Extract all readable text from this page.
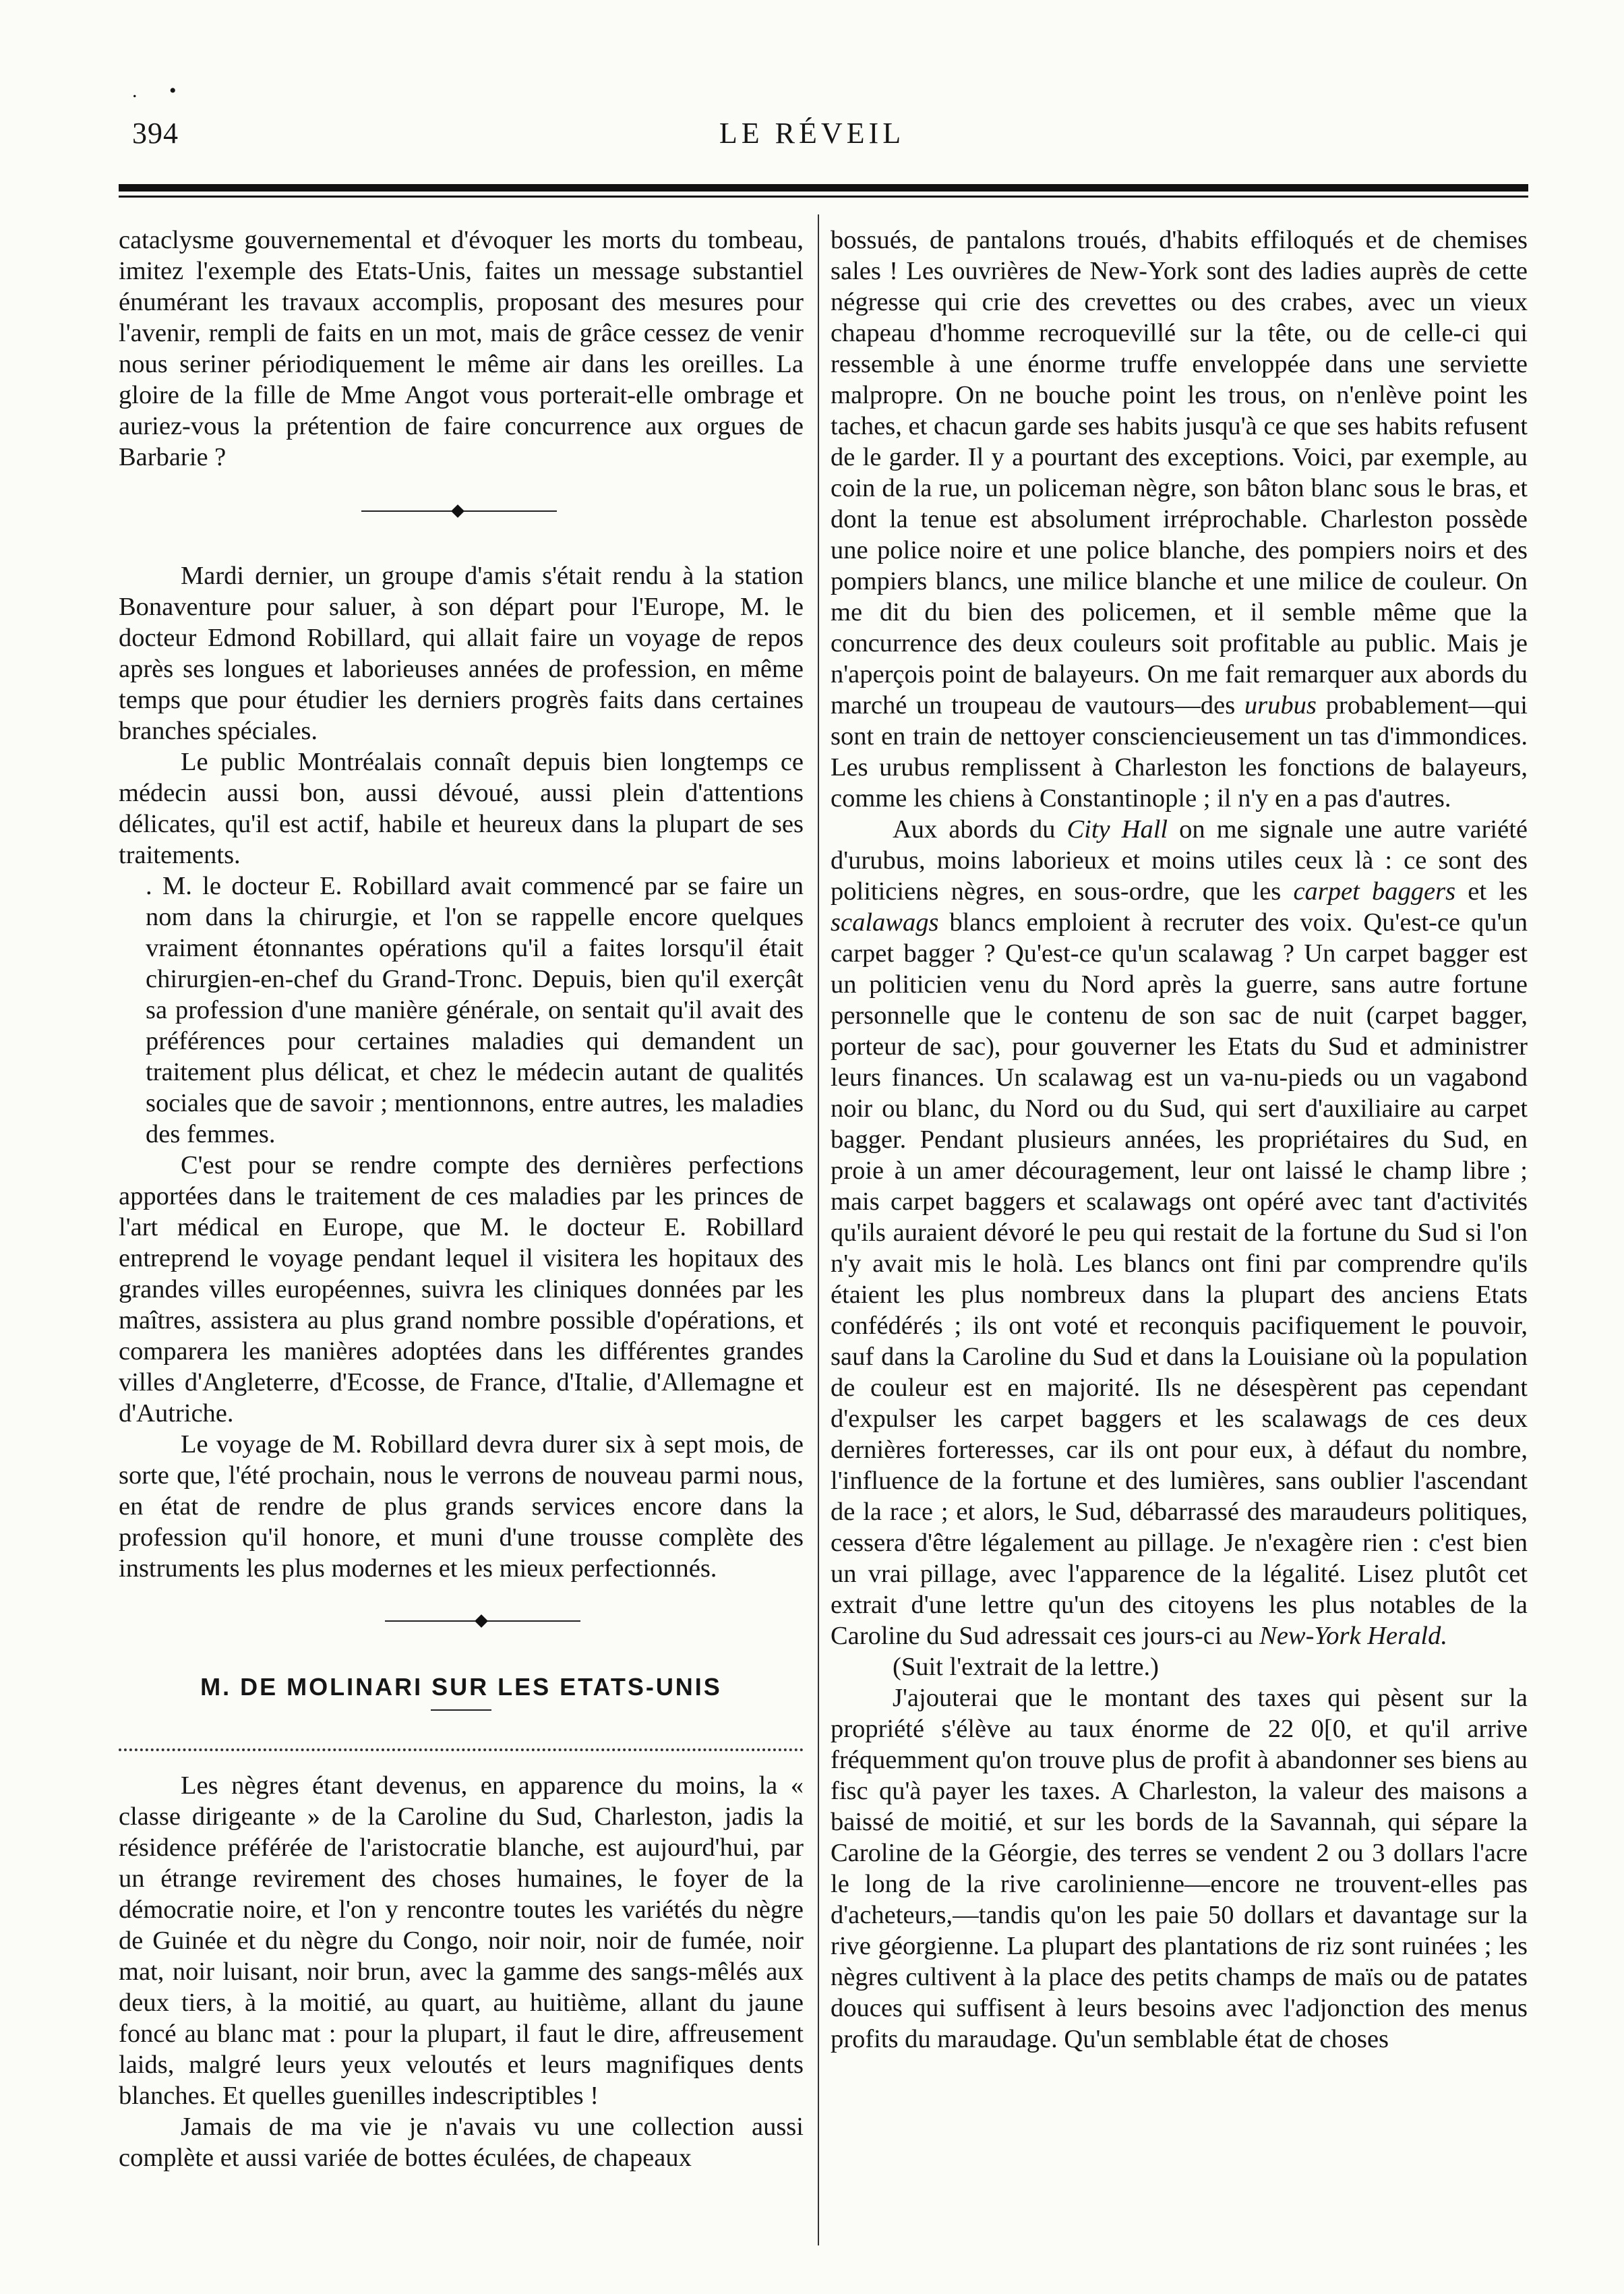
. •
394	LE RÉVEIL

cataclysme gouvernemental et d'évoquer les morts du tombeau, imitez l'exemple des Etats-Unis, faites un message substantiel énumérant les travaux accomplis, proposant des mesures pour l'avenir, rempli de faits en un mot, mais de grâce cessez de venir nous seriner périodiquement le même air dans les oreilles. La gloire de la fille de Mme Angot vous porterait-elle ombrage et auriez-vous la prétention de faire concurrence aux orgues de Barbarie ?

Mardi dernier, un groupe d'amis s'était rendu à la station Bonaventure pour saluer, à son départ pour l'Europe, M. le docteur Edmond Robillard, qui allait faire un voyage de repos après ses longues et laborieuses années de profession, en même temps que pour étudier les derniers progrès faits dans certaines branches spéciales.

Le public Montréalais connaît depuis bien longtemps ce médecin aussi bon, aussi dévoué, aussi plein d'attentions délicates, qu'il est actif, habile et heureux dans la plupart de ses traitements.

. M. le docteur E. Robillard avait commencé par se faire un nom dans la chirurgie, et l'on se rappelle encore quelques vraiment étonnantes opérations qu'il a faites lorsqu'il était chirurgien-en-chef du Grand-Tronc. Depuis, bien qu'il exerçât sa profession d'une manière générale, on sentait qu'il avait des préférences pour certaines maladies qui demandent un traitement plus délicat, et chez le médecin autant de qualités sociales que de savoir ; mentionnons, entre autres, les maladies des femmes.

C'est pour se rendre compte des dernières perfections apportées dans le traitement de ces maladies par les princes de l'art médical en Europe, que M. le docteur E. Robillard entreprend le voyage pendant lequel il visitera les hopitaux des grandes villes européennes, suivra les cliniques données par les maîtres, assistera au plus grand nombre possible d'opérations, et comparera les manières adoptées dans les différentes grandes villes d'Angleterre, d'Ecosse, de France, d'Italie, d'Allemagne et d'Autriche.

Le voyage de M. Robillard devra durer six à sept mois, de sorte que, l'été prochain, nous le verrons de nouveau parmi nous, en état de rendre de plus grands services encore dans la profession qu'il honore, et muni d'une trousse complète des instruments les plus modernes et les mieux perfectionnés.

M. DE MOLINARI SUR LES ETATS-UNIS

Les nègres étant devenus, en apparence du moins, la « classe dirigeante » de la Caroline du Sud, Charleston, jadis la résidence préférée de l'aristocratie blanche, est aujourd'hui, par un étrange revirement des choses humaines, le foyer de la démocratie noire, et l'on y rencontre toutes les variétés du nègre de Guinée et du nègre du Congo, noir noir, noir de fumée, noir mat, noir luisant, noir brun, avec la gamme des sangs-mêlés aux deux tiers, à la moitié, au quart, au huitième, allant du jaune foncé au blanc mat : pour la plupart, il faut le dire, affreusement laids, malgré leurs yeux veloutés et leurs magnifiques dents blanches. Et quelles guenilles indescriptibles !

Jamais de ma vie je n'avais vu une collection aussi complète et aussi variée de bottes éculées, de chapeaux

bossués, de pantalons troués, d'habits effiloqués et de chemises sales ! Les ouvrières de New-York sont des ladies auprès de cette négresse qui crie des crevettes ou des crabes, avec un vieux chapeau d'homme recroquevillé sur la tête, ou de celle-ci qui ressemble à une énorme truffe enveloppée dans une serviette malpropre. On ne bouche point les trous, on n'enlève point les taches, et chacun garde ses habits jusqu'à ce que ses habits refusent de le garder. Il y a pourtant des exceptions. Voici, par exemple, au coin de la rue, un policeman nègre, son bâton blanc sous le bras, et dont la tenue est absolument irréprochable. Charleston possède une police noire et une police blanche, des pompiers noirs et des pompiers blancs, une milice blanche et une milice de couleur. On me dit du bien des policemen, et il semble même que la concurrence des deux couleurs soit profitable au public. Mais je n'aperçois point de balayeurs. On me fait remarquer aux abords du marché un troupeau de vautours—des urubus probablement—qui sont en train de nettoyer consciencieusement un tas d'immondices. Les urubus remplissent à Charleston les fonctions de balayeurs, comme les chiens à Constantinople ; il n'y en a pas d'autres.

Aux abords du City Hall on me signale une autre variété d'urubus, moins laborieux et moins utiles ceux là : ce sont des politiciens nègres, en sous-ordre, que les carpet baggers et les scalawags blancs emploient à recruter des voix. Qu'est-ce qu'un carpet bagger ? Qu'est-ce qu'un scalawag ? Un carpet bagger est un politicien venu du Nord après la guerre, sans autre fortune personnelle que le contenu de son sac de nuit (carpet bagger, porteur de sac), pour gouverner les Etats du Sud et administrer leurs finances. Un scalawag est un va-nu-pieds ou un vagabond noir ou blanc, du Nord ou du Sud, qui sert d'auxiliaire au carpet bagger. Pendant plusieurs années, les propriétaires du Sud, en proie à un amer découragement, leur ont laissé le champ libre ; mais carpet baggers et scalawags ont opéré avec tant d'activités qu'ils auraient dévoré le peu qui restait de la fortune du Sud si l'on n'y avait mis le holà. Les blancs ont fini par comprendre qu'ils étaient les plus nombreux dans la plupart des anciens Etats confédérés ; ils ont voté et reconquis pacifiquement le pouvoir, sauf dans la Caroline du Sud et dans la Louisiane où la population de couleur est en majorité. Ils ne désespèrent pas cependant d'expulser les carpet baggers et les scalawags de ces deux dernières forteresses, car ils ont pour eux, à défaut du nombre, l'influence de la fortune et des lumières, sans oublier l'ascendant de la race ; et alors, le Sud, débarrassé des maraudeurs politiques, cessera d'être légalement au pillage. Je n'exagère rien : c'est bien un vrai pillage, avec l'apparence de la légalité. Lisez plutôt cet extrait d'une lettre qu'un des citoyens les plus notables de la Caroline du Sud adressait ces jours-ci au New-York Herald.

(Suit l'extrait de la lettre.)

J'ajouterai que le montant des taxes qui pèsent sur la propriété s'élève au taux énorme de 22 0[0, et qu'il arrive fréquemment qu'on trouve plus de profit à abandonner ses biens au fisc qu'à payer les taxes. A Charleston, la valeur des maisons a baissé de moitié, et sur les bords de la Savannah, qui sépare la Caroline de la Géorgie, des terres se vendent 2 ou 3 dollars l'acre le long de la rive carolinienne—encore ne trouvent-elles pas d'acheteurs,—tandis qu'on les paie 50 dollars et davantage sur la rive géorgienne. La plupart des plantations de riz sont ruinées ; les nègres cultivent à la place des petits champs de maïs ou de patates douces qui suffisent à leurs besoins avec l'adjonction des menus profits du maraudage. Qu'un semblable état de choses
